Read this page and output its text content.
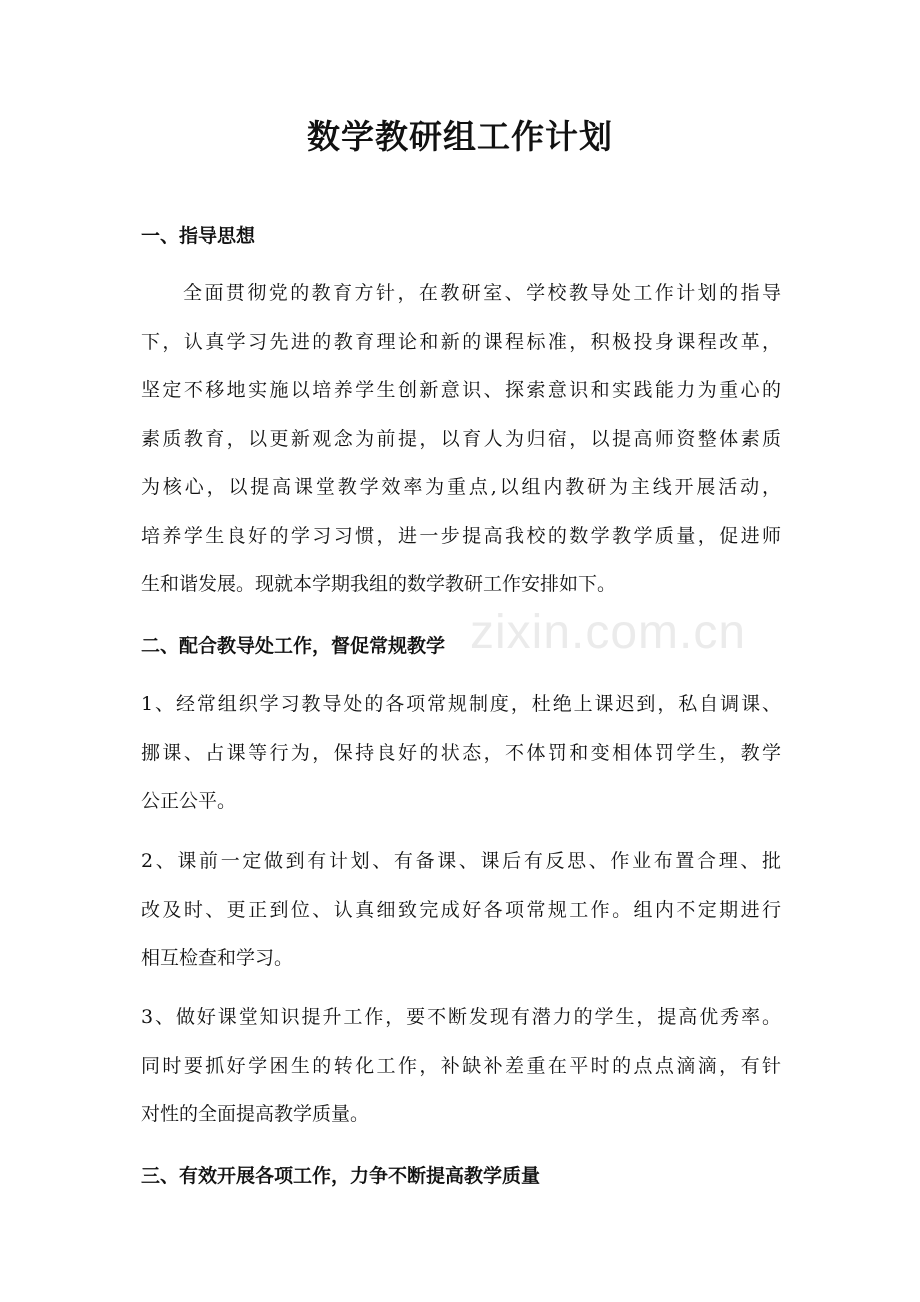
zixin.com.cn
数学教研组工作计划
一、指导思想
全面贯彻党的教育方针，在教研室、学校教导处工作计划的指导
下，认真学习先进的教育理论和新的课程标准，积极投身课程改革，
坚定不移地实施以培养学生创新意识、探索意识和实践能力为重心的
素质教育，以更新观念为前提，以育人为归宿，以提高师资整体素质
为核心，以提高课堂教学效率为重点,以组内教研为主线开展活动，
培养学生良好的学习习惯，进一步提高我校的数学教学质量，促进师
生和谐发展。现就本学期我组的数学教研工作安排如下。
二、配合教导处工作，督促常规教学
1、经常组织学习教导处的各项常规制度，杜绝上课迟到，私自调课、
挪课、占课等行为，保持良好的状态，不体罚和变相体罚学生，教学
公正公平。
2、课前一定做到有计划、有备课、课后有反思、作业布置合理、批
改及时、更正到位、认真细致完成好各项常规工作。组内不定期进行
相互检查和学习。
3、做好课堂知识提升工作，要不断发现有潜力的学生，提高优秀率。
同时要抓好学困生的转化工作，补缺补差重在平时的点点滴滴，有针
对性的全面提高教学质量。
三、有效开展各项工作，力争不断提高教学质量
